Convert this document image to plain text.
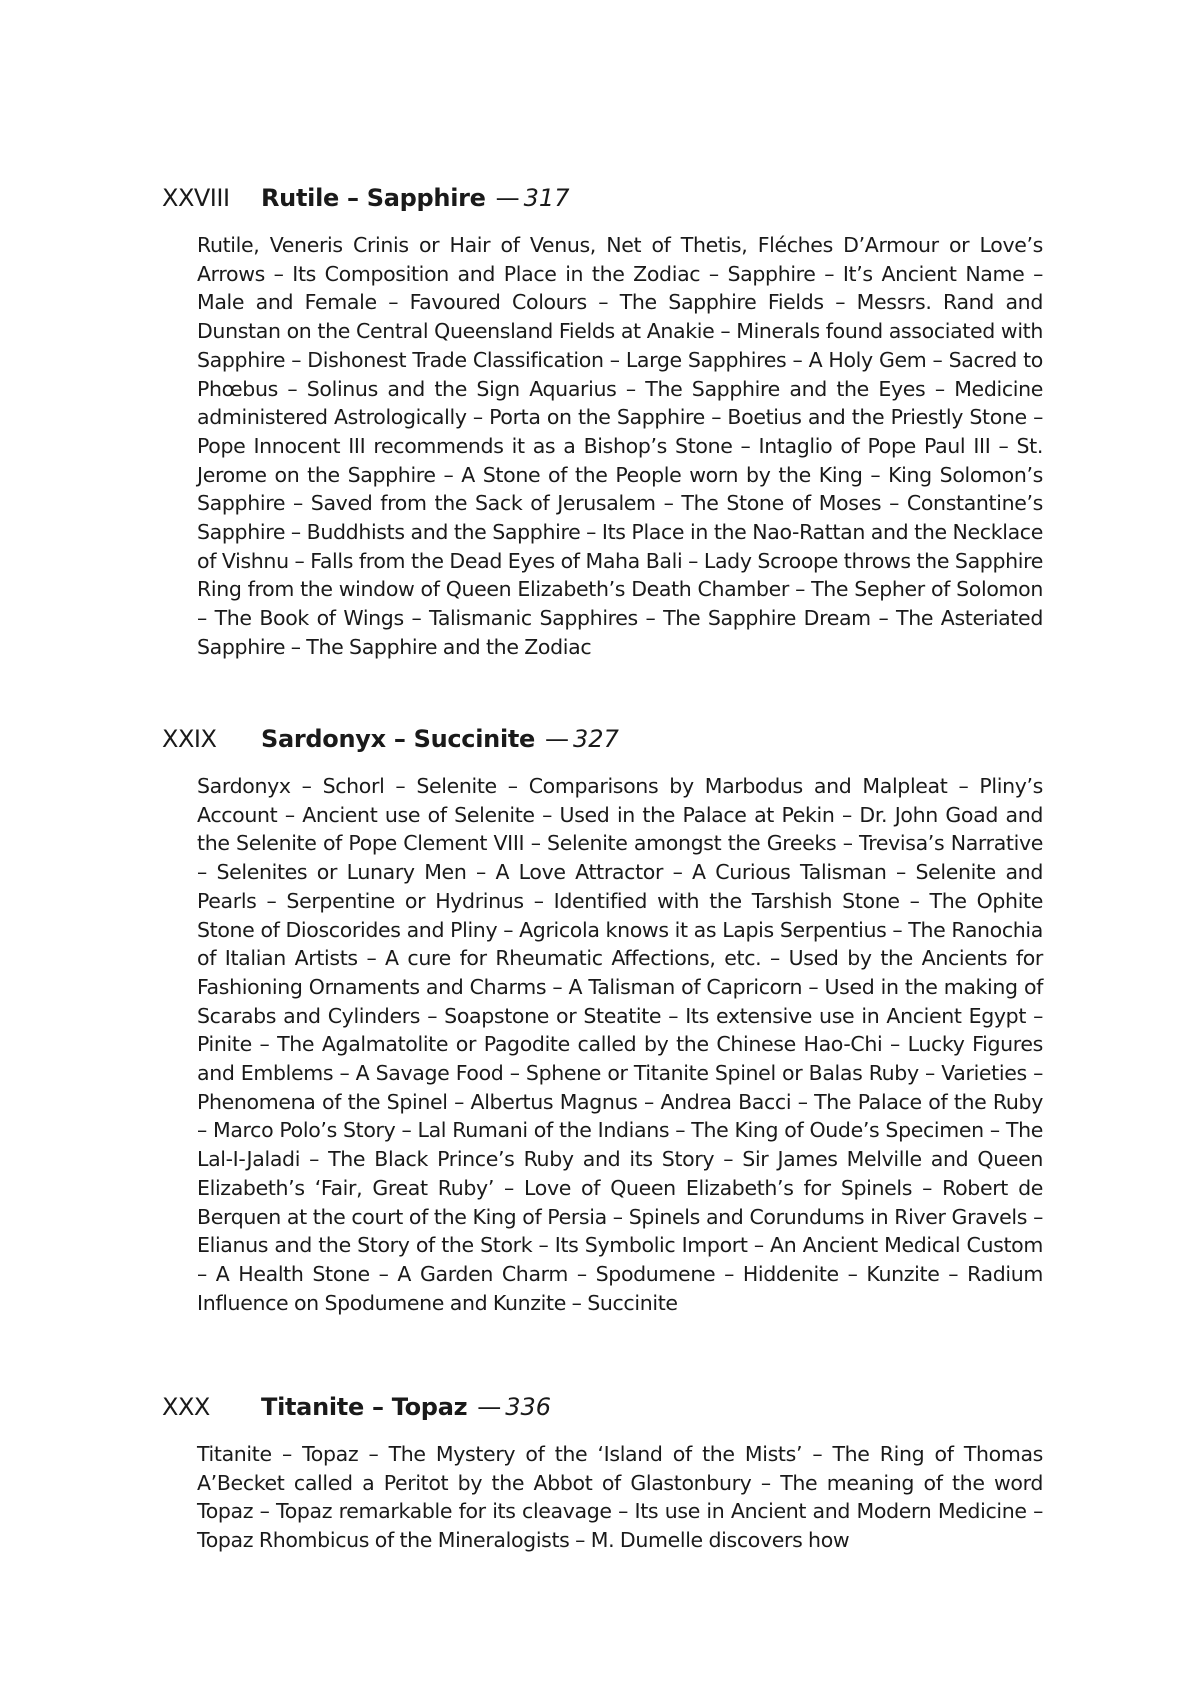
XXVIII	Rutile – Sapphire — 317

Rutile, Veneris Crinis or Hair of Venus, Net of Thetis, Fléches D’Armour or Love’s Arrows – Its Composition and Place in the Zodiac – Sapphire – It’s Ancient Name – Male and Female – Favoured Colours – The Sapphire Fields – Messrs. Rand and Dunstan on the Central Queensland Fields at Anakie – Minerals found associated with Sapphire – Dishonest Trade Classification – Large Sapphires – A Holy Gem – Sacred to Phœbus – Solinus and the Sign Aquarius – The Sapphire and the Eyes – Medicine administered Astrologically – Porta on the Sapphire – Boetius and the Priestly Stone – Pope Innocent III recommends it as a Bishop’s Stone – Intaglio of Pope Paul III – St. Jerome on the Sapphire – A Stone of the People worn by the King – King Solomon’s Sapphire – Saved from the Sack of Jerusalem – The Stone of Moses – Constantine’s Sapphire – Buddhists and the Sapphire – Its Place in the Nao-Rattan and the Necklace of Vishnu – Falls from the Dead Eyes of Maha Bali – Lady Scroope throws the Sapphire Ring from the window of Queen Elizabeth’s Death Chamber – The Sepher of Solomon – The Book of Wings – Talismanic Sapphires – The Sapphire Dream – The Asteriated Sapphire – The Sapphire and the Zodiac

XXIX	Sardonyx – Succinite — 327

Sardonyx – Schorl – Selenite – Comparisons by Marbodus and Malpleat – Pliny’s Account – Ancient use of Selenite – Used in the Palace at Pekin – Dr. John Goad and the Selenite of Pope Clement VIII – Selenite amongst the Greeks – Trevisa’s Narrative – Selenites or Lunary Men – A Love Attractor – A Curious Talisman – Selenite and Pearls – Serpentine or Hydrinus – Identified with the Tarshish Stone – The Ophite Stone of Dioscorides and Pliny – Agricola knows it as Lapis Serpentius – The Ranochia of Italian Artists – A cure for Rheumatic Affections, etc. – Used by the Ancients for Fashioning Ornaments and Charms – A Talisman of Capricorn – Used in the making of Scarabs and Cylinders – Soapstone or Steatite – Its extensive use in Ancient Egypt – Pinite – The Agalmatolite or Pagodite called by the Chinese Hao-Chi – Lucky Figures and Emblems – A Savage Food – Sphene or Titanite Spinel or Balas Ruby – Varieties – Phenomena of the Spinel – Albertus Magnus – Andrea Bacci – The Palace of the Ruby – Marco Polo’s Story – Lal Rumani of the Indians – The King of Oude’s Specimen – The Lal-I-Jaladi – The Black Prince’s Ruby and its Story – Sir James Melville and Queen Elizabeth’s ‘Fair, Great Ruby’ – Love of Queen Elizabeth’s for Spinels – Robert de Berquen at the court of the King of Persia – Spinels and Corundums in River Gravels – Elianus and the Story of the Stork – Its Symbolic Import – An Ancient Medical Custom – A Health Stone – A Garden Charm – Spodumene – Hiddenite – Kunzite – Radium Influence on Spodumene and Kunzite – Succinite

XXX	Titanite – Topaz — 336

Titanite – Topaz – The Mystery of the ‘Island of the Mists’ – The Ring of Thomas A’Becket called a Peritot by the Abbot of Glastonbury – The meaning of the word Topaz – Topaz remarkable for its cleavage – Its use in Ancient and Modern Medicine – Topaz Rhombicus of the Mineralogists – M. Dumelle discovers how
